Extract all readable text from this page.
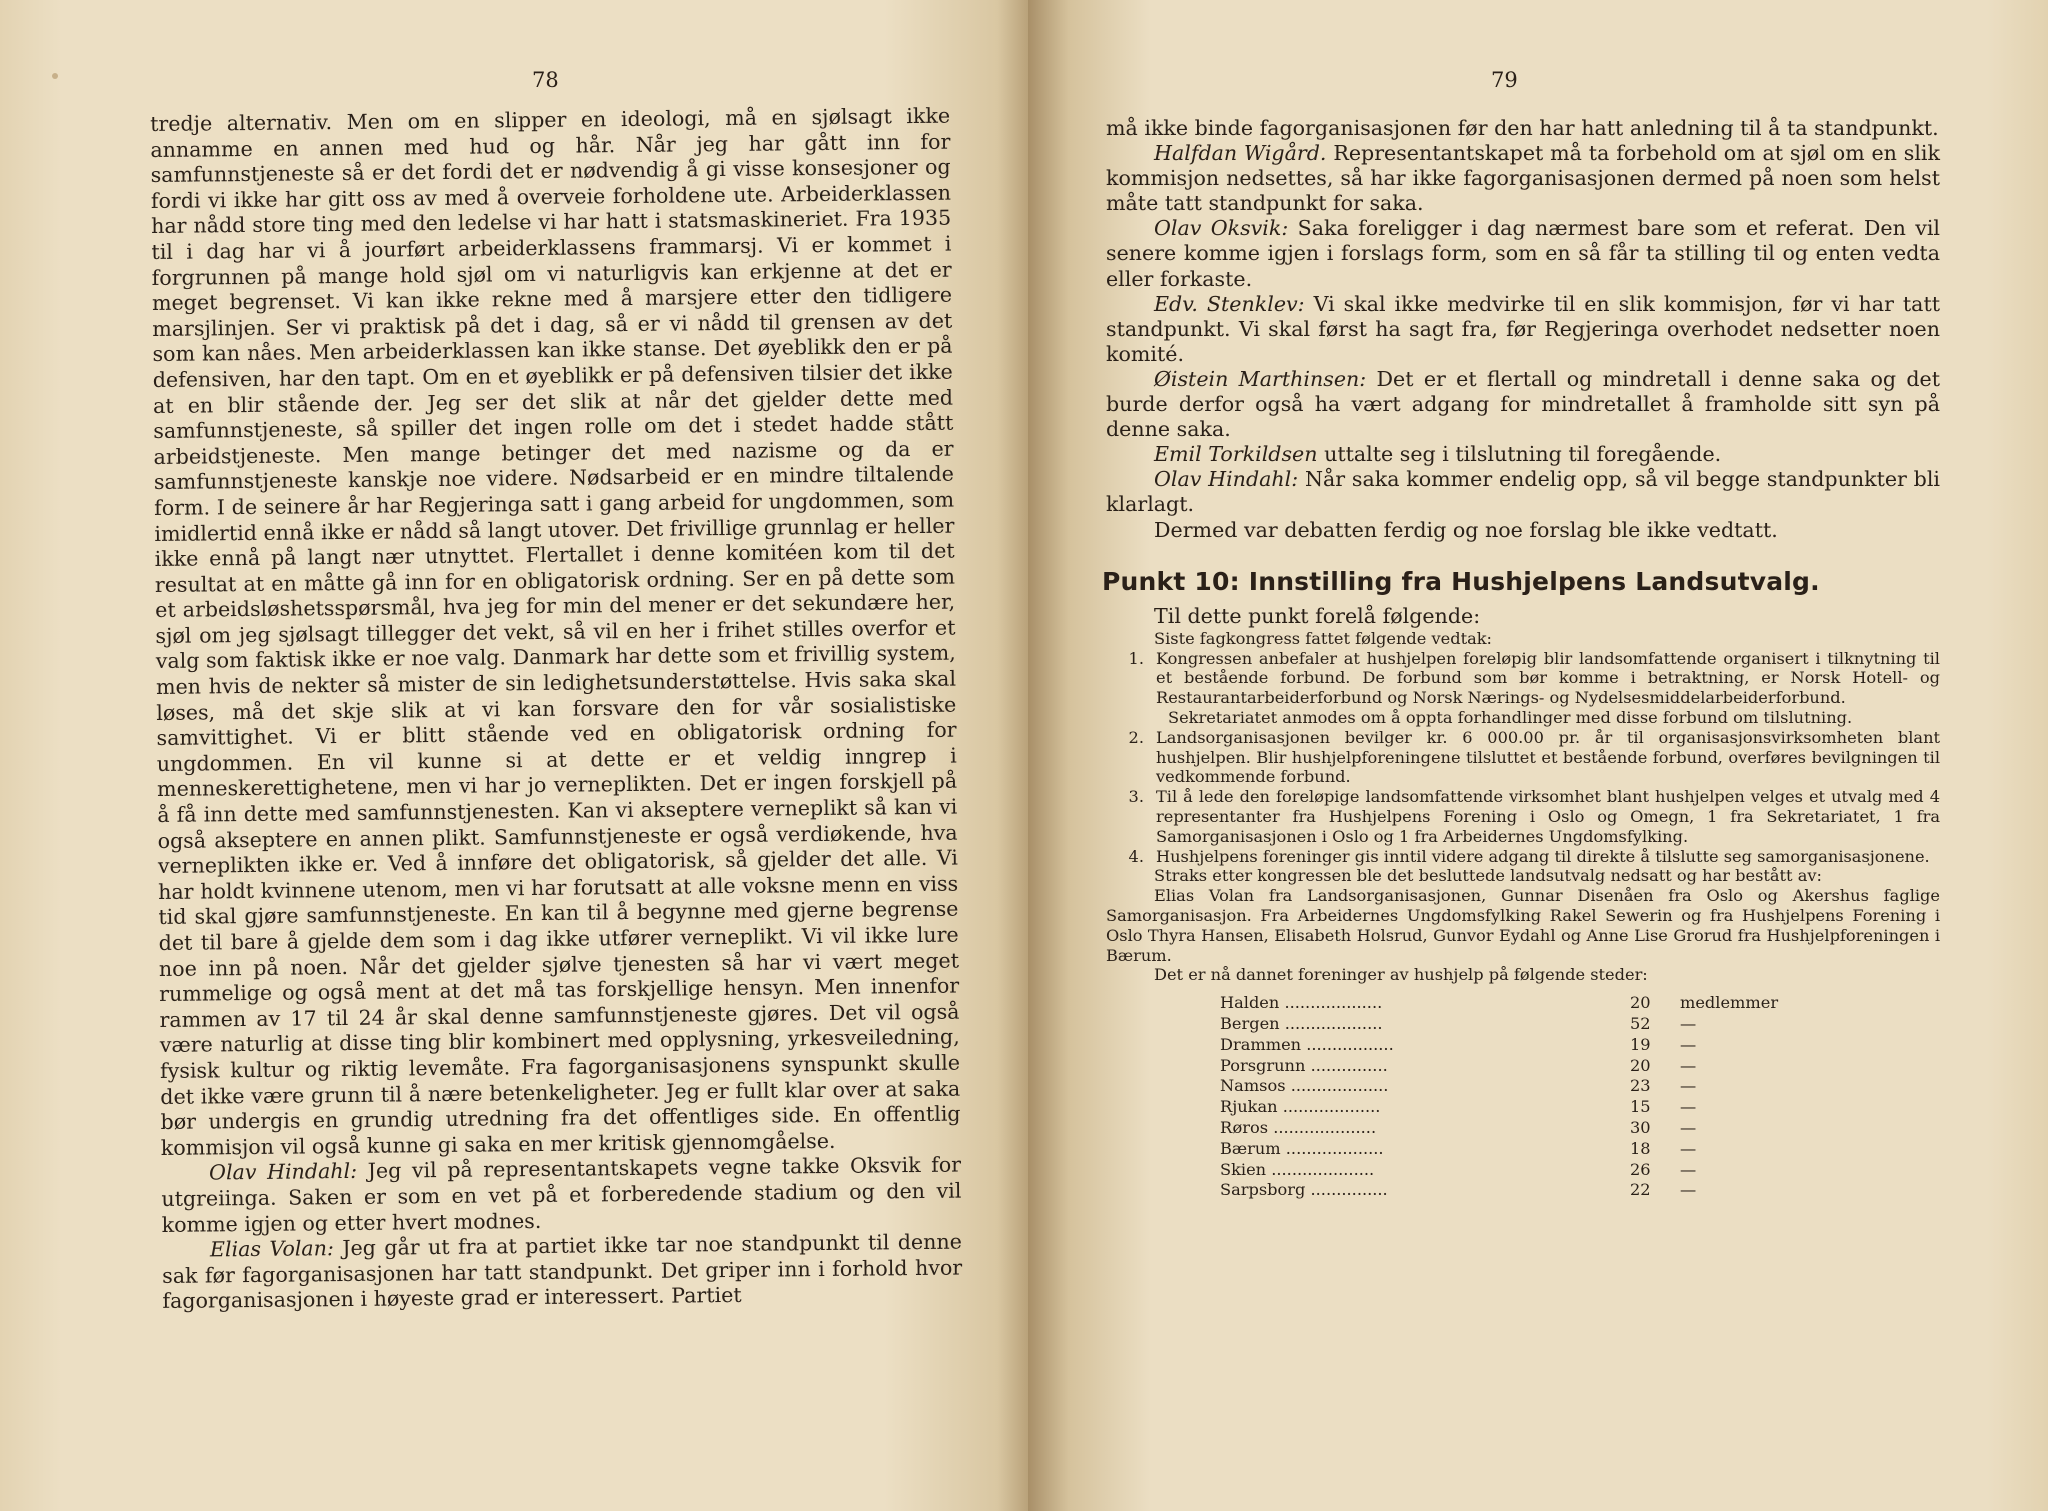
78

tredje alternativ. Men om en slipper en ideologi, må en sjølsagt ikke annamme en annen med hud og hår. Når jeg har gått inn for samfunnstjeneste så er det fordi det er nødvendig å gi visse konsesjoner og fordi vi ikke har gitt oss av med å overveie forholdene ute. Arbeiderklassen har nådd store ting med den ledelse vi har hatt i statsmaskineriet. Fra 1935 til i dag har vi å jourført arbeiderklassens frammarsj. Vi er kommet i forgrunnen på mange hold sjøl om vi naturligvis kan erkjenne at det er meget begrenset. Vi kan ikke rekne med å marsjere etter den tidligere marsjlinjen. Ser vi praktisk på det i dag, så er vi nådd til grensen av det som kan nåes. Men arbeiderklassen kan ikke stanse. Det øyeblikk den er på defensiven, har den tapt. Om en et øyeblikk er på defensiven tilsier det ikke at en blir stående der. Jeg ser det slik at når det gjelder dette med samfunnstjeneste, så spiller det ingen rolle om det i stedet hadde stått arbeidstjeneste. Men mange betinger det med nazisme og da er samfunnstjeneste kanskje noe videre. Nødsarbeid er en mindre tiltalende form. I de seinere år har Regjeringa satt i gang arbeid for ungdommen, som imidlertid ennå ikke er nådd så langt utover. Det frivillige grunnlag er heller ikke ennå på langt nær utnyttet. Flertallet i denne komitéen kom til det resultat at en måtte gå inn for en obligatorisk ordning. Ser en på dette som et arbeidsløshetsspørsmål, hva jeg for min del mener er det sekundære her, sjøl om jeg sjølsagt tillegger det vekt, så vil en her i frihet stilles overfor et valg som faktisk ikke er noe valg. Danmark har dette som et frivillig system, men hvis de nekter så mister de sin ledighetsunderstøttelse. Hvis saka skal løses, må det skje slik at vi kan forsvare den for vår sosialistiske samvittighet. Vi er blitt stående ved en obligatorisk ordning for ungdommen. En vil kunne si at dette er et veldig inngrep i menneskerettighetene, men vi har jo verneplikten. Det er ingen forskjell på å få inn dette med samfunnstjenesten. Kan vi akseptere verneplikt så kan vi også akseptere en annen plikt. Samfunnstjeneste er også verdiøkende, hva verneplikten ikke er. Ved å innføre det obligatorisk, så gjelder det alle. Vi har holdt kvinnene utenom, men vi har forutsatt at alle voksne menn en viss tid skal gjøre samfunnstjeneste. En kan til å begynne med gjerne begrense det til bare å gjelde dem som i dag ikke utfører verneplikt. Vi vil ikke lure noe inn på noen. Når det gjelder sjølve tjenesten så har vi vært meget rummelige og også ment at det må tas forskjellige hensyn. Men innenfor rammen av 17 til 24 år skal denne samfunnstjeneste gjøres. Det vil også være naturlig at disse ting blir kombinert med opplysning, yrkesveiledning, fysisk kultur og riktig levemåte. Fra fagorganisasjonens synspunkt skulle det ikke være grunn til å nære betenkeligheter. Jeg er fullt klar over at saka bør undergis en grundig utredning fra det offentliges side. En offentlig kommisjon vil også kunne gi saka en mer kritisk gjennomgåelse.

Olav Hindahl: Jeg vil på representantskapets vegne takke Oksvik for utgreiinga. Saken er som en vet på et forberedende stadium og den vil komme igjen og etter hvert modnes.

Elias Volan: Jeg går ut fra at partiet ikke tar noe standpunkt til denne sak før fagorganisasjonen har tatt standpunkt. Det griper inn i forhold hvor fagorganisasjonen i høyeste grad er interessert. Partiet

79

må ikke binde fagorganisasjonen før den har hatt anledning til å ta standpunkt.

Halfdan Wigård. Representantskapet må ta forbehold om at sjøl om en slik kommisjon nedsettes, så har ikke fagorganisasjonen dermed på noen som helst måte tatt standpunkt for saka.

Olav Oksvik: Saka foreligger i dag nærmest bare som et referat. Den vil senere komme igjen i forslags form, som en så får ta stilling til og enten vedta eller forkaste.

Edv. Stenklev: Vi skal ikke medvirke til en slik kommisjon, før vi har tatt standpunkt. Vi skal først ha sagt fra, før Regjeringa overhodet nedsetter noen komité.

Øistein Marthinsen: Det er et flertall og mindretall i denne saka og det burde derfor også ha vært adgang for mindretallet å framholde sitt syn på denne saka.

Emil Torkildsen uttalte seg i tilslutning til foregående.

Olav Hindahl: Når saka kommer endelig opp, så vil begge standpunkter bli klarlagt.

Dermed var debatten ferdig og noe forslag ble ikke vedtatt.

Punkt 10: Innstilling fra Hushjelpens Landsutvalg.

Til dette punkt forelå følgende:

Siste fagkongress fattet følgende vedtak:

1. Kongressen anbefaler at hushjelpen foreløpig blir landsomfattende organisert i tilknytning til et bestående forbund. De forbund som bør komme i betraktning, er Norsk Hotell- og Restaurantarbeiderforbund og Norsk Nærings- og Nydelsesmiddelarbeiderforbund.
Sekretariatet anmodes om å oppta forhandlinger med disse forbund om tilslutning.
2. Landsorganisasjonen bevilger kr. 6 000.00 pr. år til organisasjonsvirksomheten blant hushjelpen. Blir hushjelpforeningene tilsluttet et bestående forbund, overføres bevilgningen til vedkommende forbund.
3. Til å lede den foreløpige landsomfattende virksomhet blant hushjelpen velges et utvalg med 4 representanter fra Hushjelpens Forening i Oslo og Omegn, 1 fra Sekretariatet, 1 fra Samorganisasjonen i Oslo og 1 fra Arbeidernes Ungdomsfylking.
4. Hushjelpens foreninger gis inntil videre adgang til direkte å tilslutte seg samorganisasjonene.

Straks etter kongressen ble det besluttede landsutvalg nedsatt og har bestått av:

Elias Volan fra Landsorganisasjonen, Gunnar Disenåen fra Oslo og Akershus faglige Samorganisasjon. Fra Arbeidernes Ungdomsfylking Rakel Sewerin og fra Hushjelpens Forening i Oslo Thyra Hansen, Elisabeth Holsrud, Gunvor Eydahl og Anne Lise Grorud fra Hushjelpforeningen i Bærum.

Det er nå dannet foreninger av hushjelp på følgende steder:

Halden ...................	20	medlemmer
Bergen ...................	52	—
Drammen .................	19	—
Porsgrunn ...............	20	—
Namsos ...................	23	—
Rjukan ...................	15	—
Røros ....................	30	—
Bærum ...................	18	—
Skien ....................	26	—
Sarpsborg ...............	22	—
